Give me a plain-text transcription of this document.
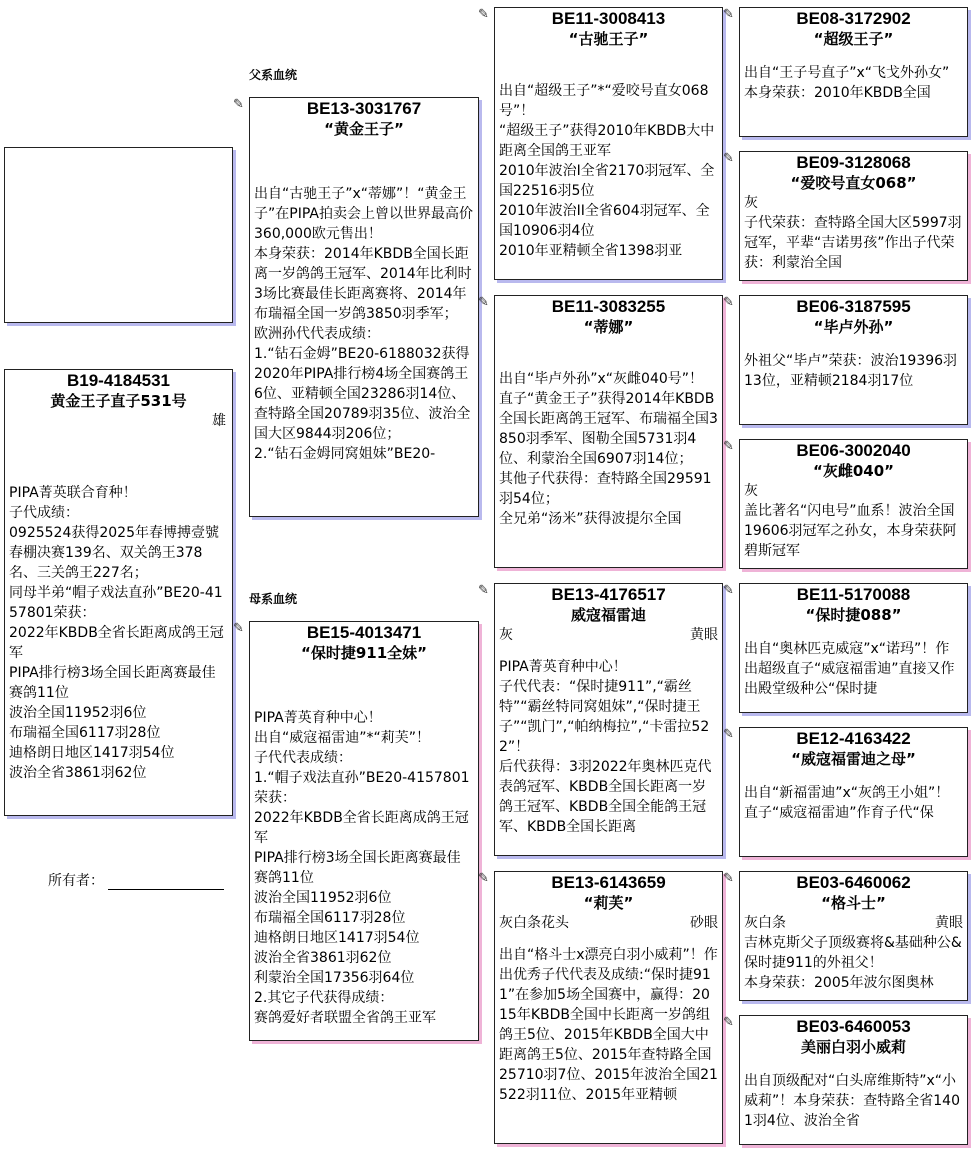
父系血统
母系血统
B19-4184531
黄金王子直子531号
雄
PIPA菁英联合育种！
子代成绩：
0925524获得2025年春博搏壹號春棚决赛139名、双关鸽王378名、三关鸽王227名；
同母半弟“帽子戏法直孙”BE20-4157801荣获：
2022年KBDB全省长距离成鸽王冠军
PIPA排行榜3场全国长距离赛最佳赛鸽11位
波治全国11952羽6位
布瑞福全国6117羽28位
迪格朗日地区1417羽54位
波治全省3861羽62位
所有者：
✎	BE13-3031767
“黄金王子”
出自“古驰王子”x“蒂娜”！“黄金王子”在PIPA拍卖会上曾以世界最高价360,000欧元售出！
本身荣获：2014年KBDB全国长距离一岁鸽鸽王冠军、2014年比利时3场比赛最佳长距离赛将、2014年布瑞福全国一岁鸽3850羽季军；
欧洲孙代代表成绩：
1.“钻石金姆”BE20-6188032获得2020年PIPA排行榜4场全国赛鸽王6位、亚精顿全国23286羽14位、查特路全国20789羽35位、波治全国大区9844羽206位；
2.“钻石金姆同窝姐妹”BE20-
✎	BE15-4013471
“保时捷911全妹”
PIPA菁英育种中心！
出自“威寇福雷迪”*“莉芙”！
子代代表成绩：
1.“帽子戏法直孙”BE20-4157801荣获：
2022年KBDB全省长距离成鸽王冠军
PIPA排行榜3场全国长距离赛最佳赛鸽11位
波治全国11952羽6位
布瑞福全国6117羽28位
迪格朗日地区1417羽54位
波治全省3861羽62位
利蒙治全国17356羽64位
2.其它子代获得成绩：
赛鸽爱好者联盟全省鸽王亚军
✎	BE11-3008413
“古驰王子”
出自“超级王子”*“爱咬号直女068号”！
“超级王子”获得2010年KBDB大中距离全国鸽王亚军
2010年波治I全省2170羽冠军、全国22516羽5位
2010年波治II全省604羽冠军、全国10906羽4位
2010年亚精顿全省1398羽亚
✎	BE11-3083255
“蒂娜”
出自“毕卢外孙”x“灰雌040号”！
直子“黄金王子”获得2014年KBDB全国长距离鸽王冠军、布瑞福全国3850羽季军、图勒全国5731羽4位、利蒙治全国6907羽14位；
其他子代获得：查特路全国29591羽54位；
全兄弟“汤米”获得波提尔全国
✎	BE13-4176517
威寇福雷迪
灰	黄眼
PIPA菁英育种中心！
子代代表：“保时捷911”,“霸丝特”“霸丝特同窝姐妹”,“保时捷王子”“凯门”,“帕纳梅拉”,“卡雷拉522”！
后代获得：3羽2022年奥林匹克代表鸽冠军、KBDB全国长距离一岁鸽王冠军、KBDB全国全能鸽王冠军、KBDB全国长距离
✎	BE13-6143659
“莉芙”
灰白条花头	砂眼
出自“格斗士x漂亮白羽小威莉”！作出优秀子代代表及成绩:“保时捷911”在参加5场全国赛中，赢得：2015年KBDB全国中长距离一岁鸽组鸽王5位、2015年KBDB全国大中距离鸽王5位、2015年查特路全国25710羽7位、2015年波治全国21522羽11位、2015年亚精顿
✎	BE08-3172902
“超级王子”
出自“王子号直子”x“飞戈外孙女”
本身荣获：2010年KBDB全国
✎	BE09-3128068
“爱咬号直女068”
灰
子代荣获：查特路全国大区5997羽冠军，平辈“吉诺男孩”作出子代荣获：利蒙治全国
✎	BE06-3187595
“毕卢外孙”
外祖父“毕卢”荣获：波治19396羽13位，亚精顿2184羽17位
✎	BE06-3002040
“灰雌040”
灰
盖比著名“闪电号”血系！波治全国19606羽冠军之孙女，本身荣获阿碧斯冠军
✎	BE11-5170088
“保时捷088”
出自“奥林匹克威寇”x“诺玛”！作出超级直子“威寇福雷迪”直接又作出殿堂级种公“保时捷
✎	BE12-4163422
“威寇福雷迪之母”
出自“新福雷迪”x“灰鸽王小姐”！
直子“威寇福雷迪”作育子代“保
✎	BE03-6460062
“格斗士”
灰白条	黄眼
吉林克斯父子顶级赛将&基础种公&保时捷911的外祖父！
本身荣获：2005年波尔图奥林
✎	BE03-6460053
美丽白羽小威莉
出自顶级配对“白头席维斯特”x“小威莉”！本身荣获：查特路全省1401羽4位、波治全省
